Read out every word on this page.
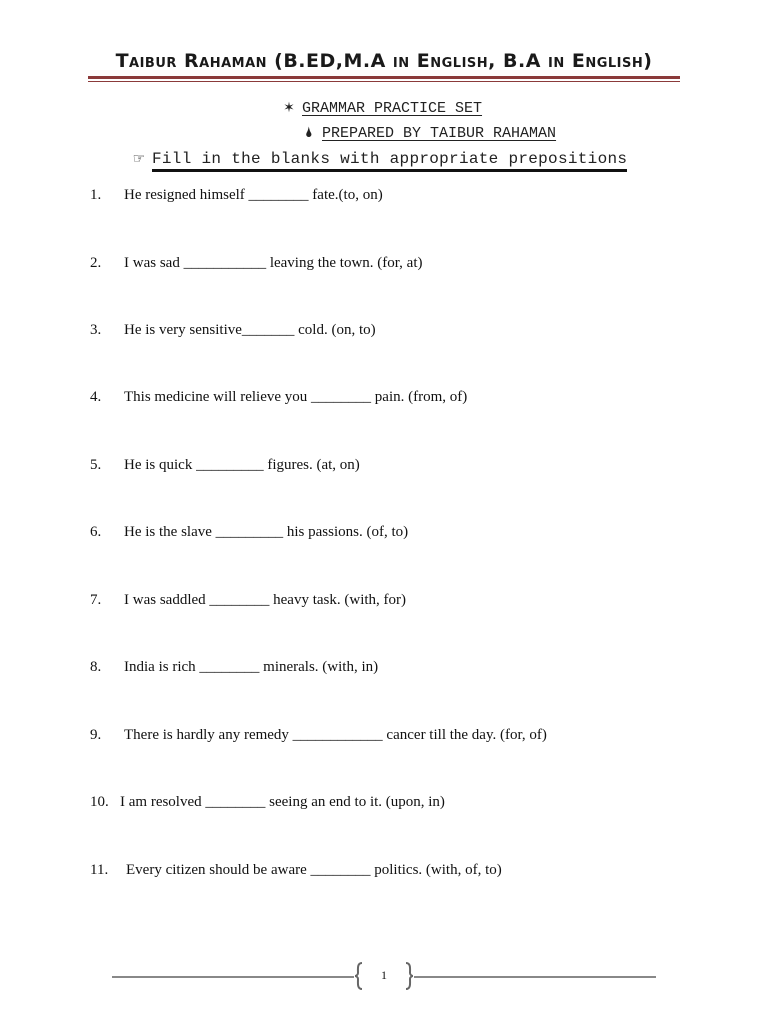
Taibur Rahaman (B.ED,M.A in English, B.A in English)
✶ GRAMMAR PRACTICE SET
🌢 PREPARED BY TAIBUR RAHAMAN
☞ Fill in the blanks with appropriate prepositions
1. He resigned himself ________ fate.(to, on)
2. I was sad ___________ leaving the town. (for, at)
3. He is very sensitive_______ cold. (on, to)
4. This medicine will relieve you ________ pain. (from, of)
5. He is quick _________ figures. (at, on)
6. He is the slave _________ his passions. (of, to)
7. I was saddled ________ heavy task. (with, for)
8. India is rich ________ minerals. (with, in)
9. There is hardly any remedy ____________ cancer till the day. (for, of)
10. I am resolved ________ seeing an end to it. (upon, in)
11. Every citizen should be aware ________ politics. (with, of, to)
1
